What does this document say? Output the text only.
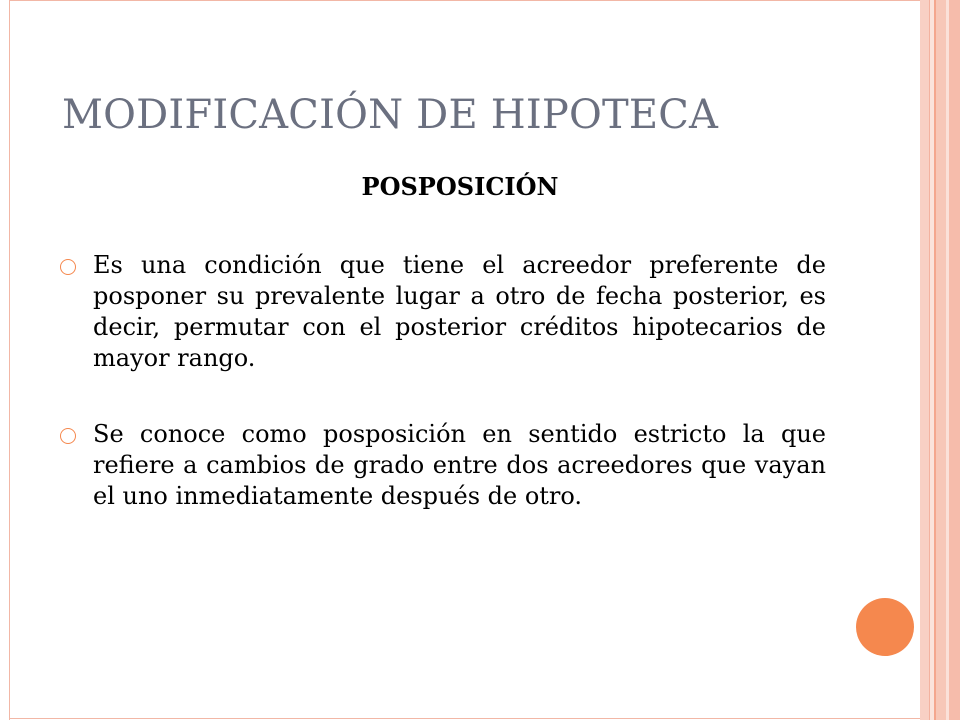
MODIFICACIÓN DE HIPOTECA
POSPOSICIÓN
Es una condición que tiene el acreedor preferente de posponer su prevalente lugar a otro de fecha posterior, es decir, permutar con el posterior créditos hipotecarios de mayor rango.
Se conoce como posposición en sentido estricto la que refiere a cambios de grado entre dos acreedores que vayan el uno inmediatamente después de otro.
